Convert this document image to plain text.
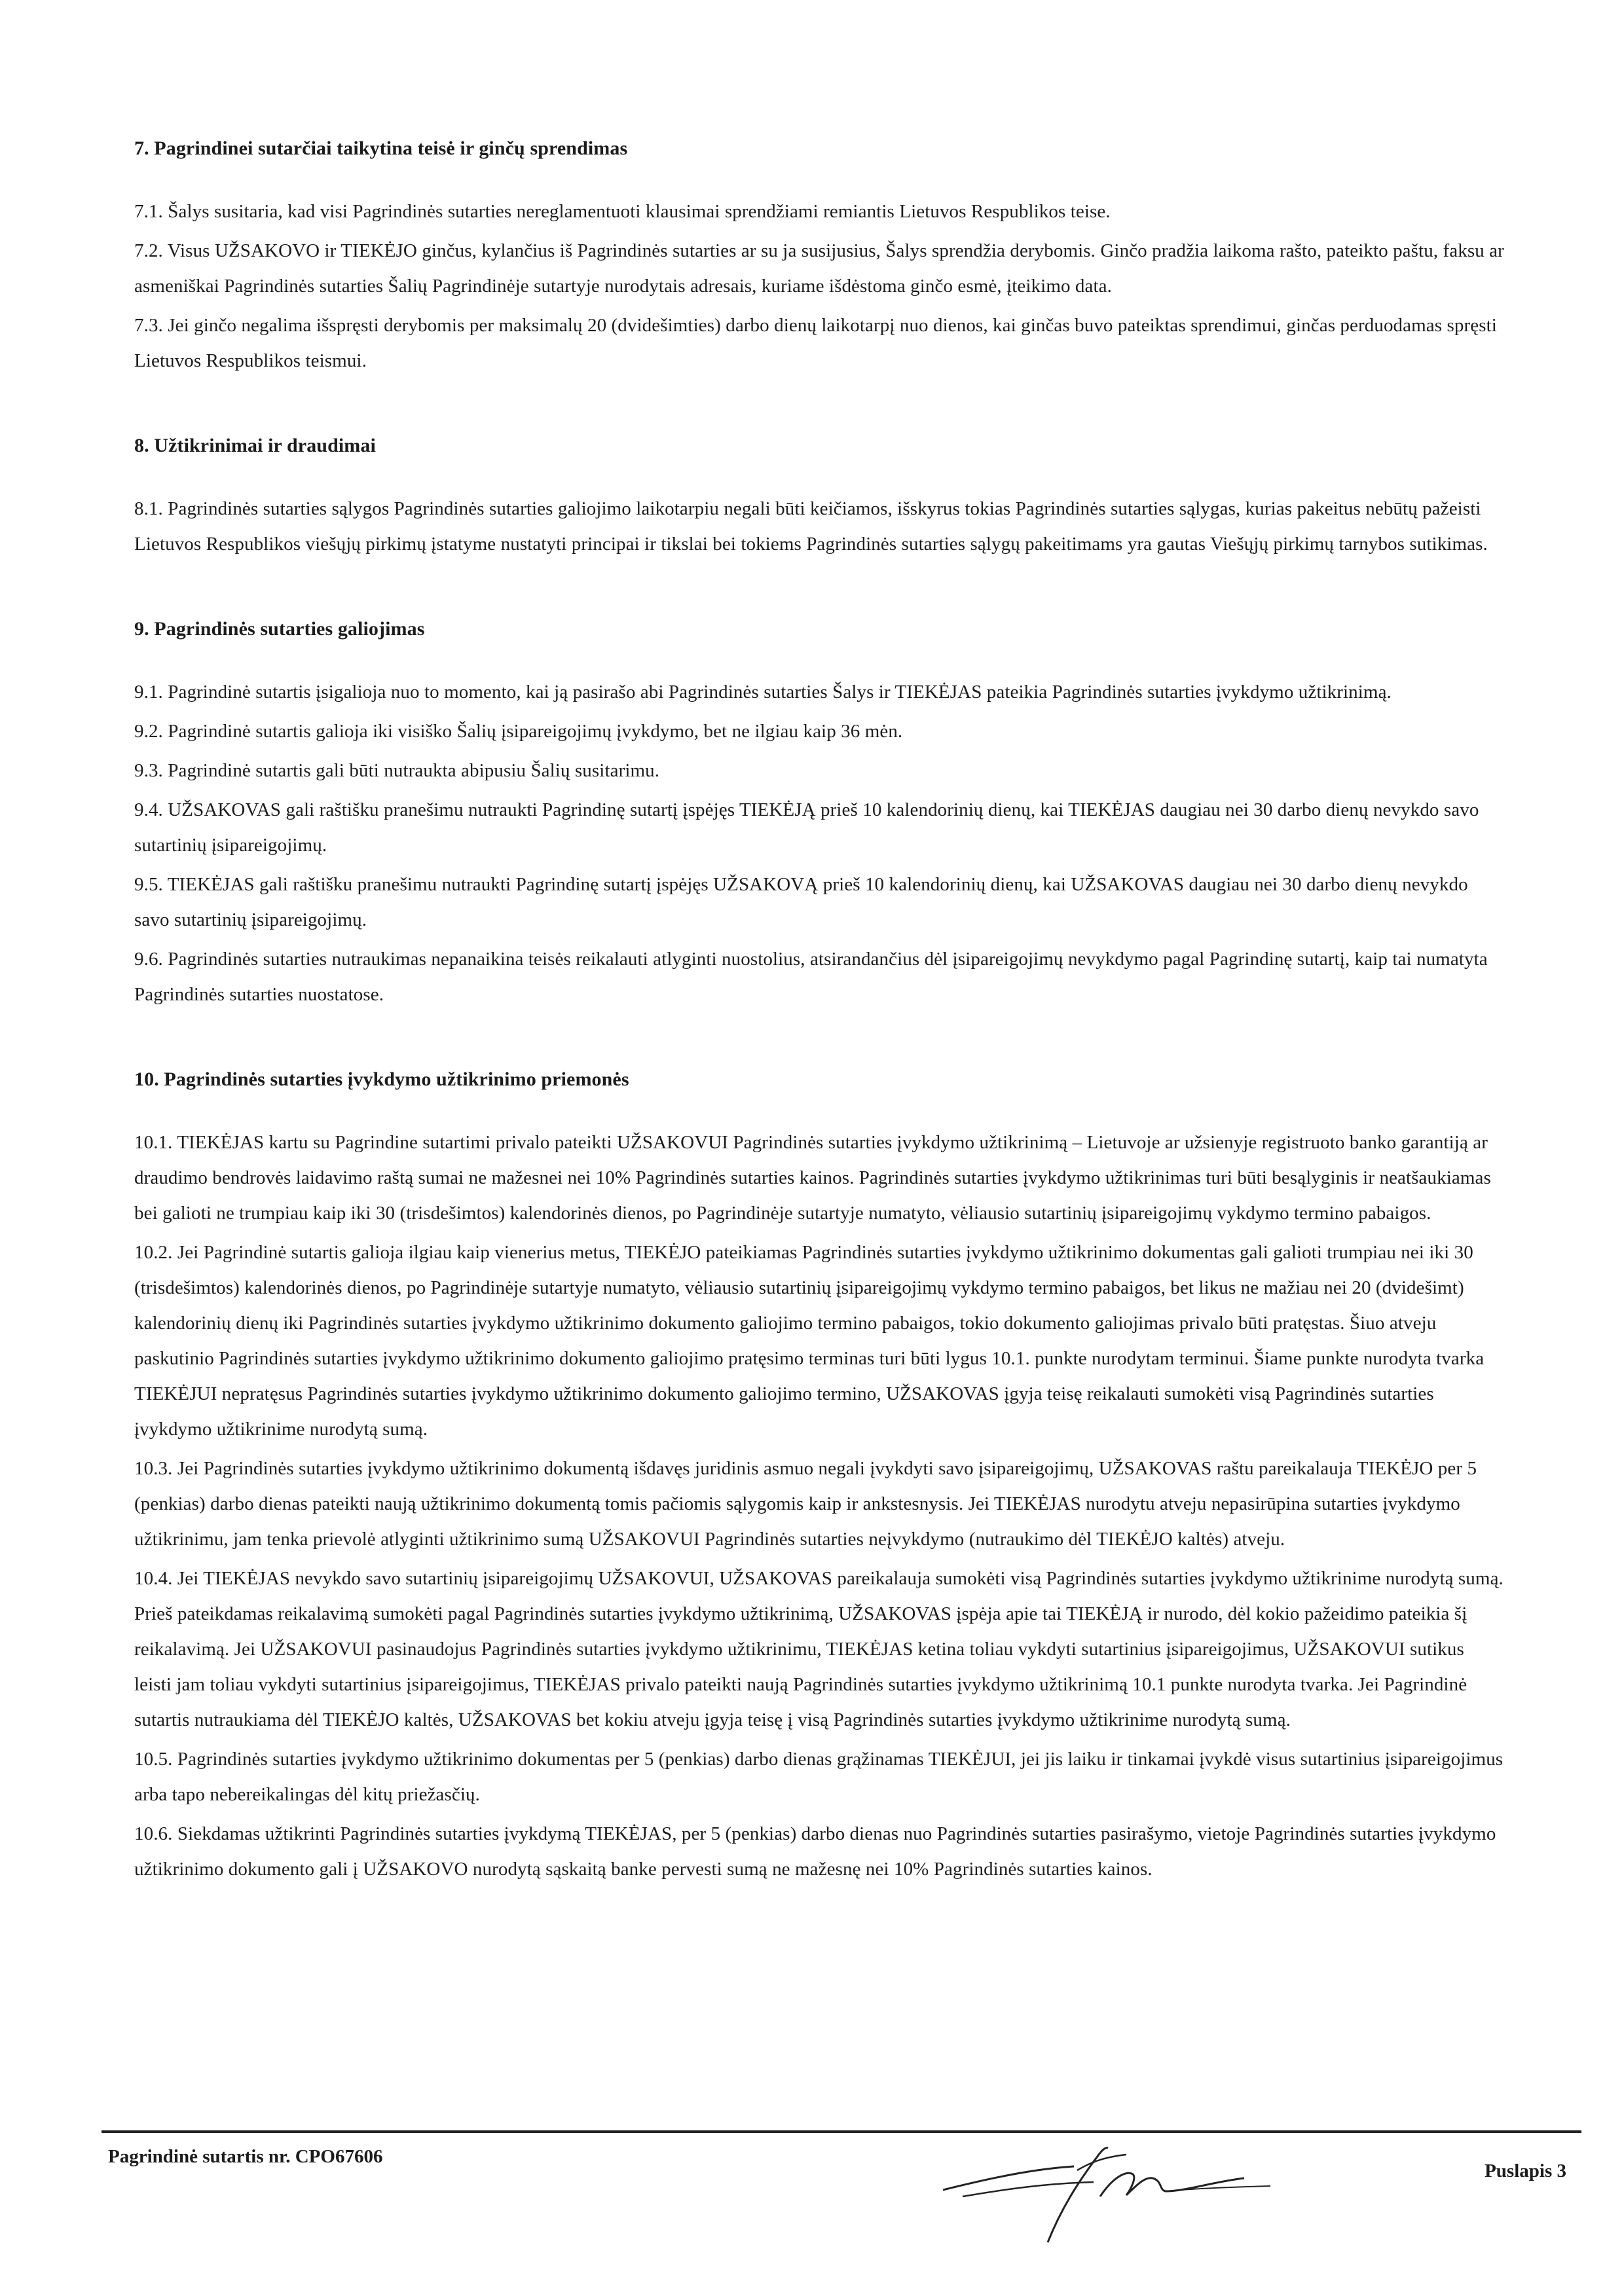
7. Pagrindinei sutarčiai taikytina teisė ir ginčų sprendimas
7.1. Šalys susitaria, kad visi Pagrindinės sutarties nereglamentuoti klausimai sprendžiami remiantis Lietuvos Respublikos teise.
7.2. Visus UŽSAKOVO ir TIEKĖJO ginčus, kylančius iš Pagrindinės sutarties ar su ja susijusius, Šalys sprendžia derybomis. Ginčo pradžia laikoma rašto, pateikto paštu, faksu ar asmeniškai Pagrindinės sutarties Šalių Pagrindinėje sutartyje nurodytais adresais, kuriame išdėstoma ginčo esmė, įteikimo data.
7.3. Jei ginčo negalima išspręsti derybomis per maksimalų 20 (dvidešimties) darbo dienų laikotarpį nuo dienos, kai ginčas buvo pateiktas sprendimui, ginčas perduodamas spręsti Lietuvos Respublikos teismui.
8. Užtikrinimai ir draudimai
8.1. Pagrindinės sutarties sąlygos Pagrindinės sutarties galiojimo laikotarpiu negali būti keičiamos, išskyrus tokias Pagrindinės sutarties sąlygas, kurias pakeitus nebūtų pažeisti Lietuvos Respublikos viešųjų pirkimų įstatyme nustatyti principai ir tikslai bei tokiems Pagrindinės sutarties sąlygų pakeitimams yra gautas Viešųjų pirkimų tarnybos sutikimas.
9. Pagrindinės sutarties galiojimas
9.1. Pagrindinė sutartis įsigalioja nuo to momento, kai ją pasirašo abi Pagrindinės sutarties Šalys ir TIEKĖJAS pateikia Pagrindinės sutarties įvykdymo užtikrinimą.
9.2. Pagrindinė sutartis galioja iki visiško Šalių įsipareigojimų įvykdymo, bet ne ilgiau kaip 36 mėn.
9.3. Pagrindinė sutartis gali būti nutraukta abipusiu Šalių susitarimu.
9.4. UŽSAKOVAS gali raštišku pranešimu nutraukti Pagrindinę sutartį įspėjęs TIEKĖJĄ prieš 10 kalendorinių dienų, kai TIEKĖJAS daugiau nei 30 darbo dienų nevykdo savo sutartinių įsipareigojimų.
9.5. TIEKĖJAS gali raštišku pranešimu nutraukti Pagrindinę sutartį įspėjęs UŽSAKOVĄ prieš 10 kalendorinių dienų, kai UŽSAKOVAS daugiau nei 30 darbo dienų nevykdo savo sutartinių įsipareigojimų.
9.6. Pagrindinės sutarties nutraukimas nepanaikina teisės reikalauti atlyginti nuostolius, atsirandančius dėl įsipareigojimų nevykdymo pagal Pagrindinę sutartį, kaip tai numatyta Pagrindinės sutarties nuostatose.
10. Pagrindinės sutarties įvykdymo užtikrinimo priemonės
10.1. TIEKĖJAS kartu su Pagrindine sutartimi privalo pateikti UŽSAKOVUI Pagrindinės sutarties įvykdymo užtikrinimą – Lietuvoje ar užsienyje registruoto banko garantiją ar draudimo bendrovės laidavimo raštą sumai ne mažesnei nei 10% Pagrindinės sutarties kainos. Pagrindinės sutarties įvykdymo užtikrinimas turi būti besąlyginis ir neatšaukiamas bei galioti ne trumpiau kaip iki 30 (trisdešimtos) kalendorinės dienos, po Pagrindinėje sutartyje numatyto, vėliausio sutartinių įsipareigojimų vykdymo termino pabaigos.
10.2. Jei Pagrindinė sutartis galioja ilgiau kaip vienerius metus, TIEKĖJO pateikiamas Pagrindinės sutarties įvykdymo užtikrinimo dokumentas gali galioti trumpiau nei iki 30 (trisdešimtos) kalendorinės dienos, po Pagrindinėje sutartyje numatyto, vėliausio sutartinių įsipareigojimų vykdymo termino pabaigos, bet likus ne mažiau nei 20 (dvidešimt) kalendorinių dienų iki Pagrindinės sutarties įvykdymo užtikrinimo dokumento galiojimo termino pabaigos, tokio dokumento galiojimas privalo būti pratęstas. Šiuo atveju paskutinio Pagrindinės sutarties įvykdymo užtikrinimo dokumento galiojimo pratęsimo terminas turi būti lygus 10.1. punkte nurodytam terminui. Šiame punkte nurodyta tvarka TIEKĖJUI nepratęsus Pagrindinės sutarties įvykdymo užtikrinimo dokumento galiojimo termino, UŽSAKOVAS įgyja teisę reikalauti sumokėti visą Pagrindinės sutarties įvykdymo užtikrinime nurodytą sumą.
10.3. Jei Pagrindinės sutarties įvykdymo užtikrinimo dokumentą išdavęs juridinis asmuo negali įvykdyti savo įsipareigojimų, UŽSAKOVAS raštu pareikalauja TIEKĖJO per 5 (penkias) darbo dienas pateikti naują užtikrinimo dokumentą tomis pačiomis sąlygomis kaip ir ankstesnysis. Jei TIEKĖJAS nurodytu atveju nepasirūpina sutarties įvykdymo užtikrinimu, jam tenka prievolė atlyginti užtikrinimo sumą UŽSAKOVUI Pagrindinės sutarties neįvykdymo (nutraukimo dėl TIEKĖJO kaltės) atveju.
10.4. Jei TIEKĖJAS nevykdo savo sutartinių įsipareigojimų UŽSAKOVUI, UŽSAKOVAS pareikalauja sumokėti visą Pagrindinės sutarties įvykdymo užtikrinime nurodytą sumą. Prieš pateikdamas reikalavimą sumokėti pagal Pagrindinės sutarties įvykdymo užtikrinimą, UŽSAKOVAS įspėja apie tai TIEKĖJĄ ir nurodo, dėl kokio pažeidimo pateikia šį reikalavimą. Jei UŽSAKOVUI pasinaudojus Pagrindinės sutarties įvykdymo užtikrinimu, TIEKĖJAS ketina toliau vykdyti sutartinius įsipareigojimus, UŽSAKOVUI sutikus leisti jam toliau vykdyti sutartinius įsipareigojimus, TIEKĖJAS privalo pateikti naują Pagrindinės sutarties įvykdymo užtikrinimą 10.1 punkte nurodyta tvarka. Jei Pagrindinė sutartis nutraukiama dėl TIEKĖJO kaltės, UŽSAKOVAS bet kokiu atveju įgyja teisę į visą Pagrindinės sutarties įvykdymo užtikrinime nurodytą sumą.
10.5. Pagrindinės sutarties įvykdymo užtikrinimo dokumentas per 5 (penkias) darbo dienas grąžinamas TIEKĖJUI, jei jis laiku ir tinkamai įvykdė visus sutartinius įsipareigojimus arba tapo nebereikalingas dėl kitų priežasčių.
10.6. Siekdamas užtikrinti Pagrindinės sutarties įvykdymą TIEKĖJAS, per 5 (penkias) darbo dienas nuo Pagrindinės sutarties pasirašymo, vietoje Pagrindinės sutarties įvykdymo užtikrinimo dokumento gali į UŽSAKOVO nurodytą sąskaitą banke pervesti sumą ne mažesnę nei 10% Pagrindinės sutarties kainos.
Pagrindinė sutartis nr. CPO67606
Puslapis 3
